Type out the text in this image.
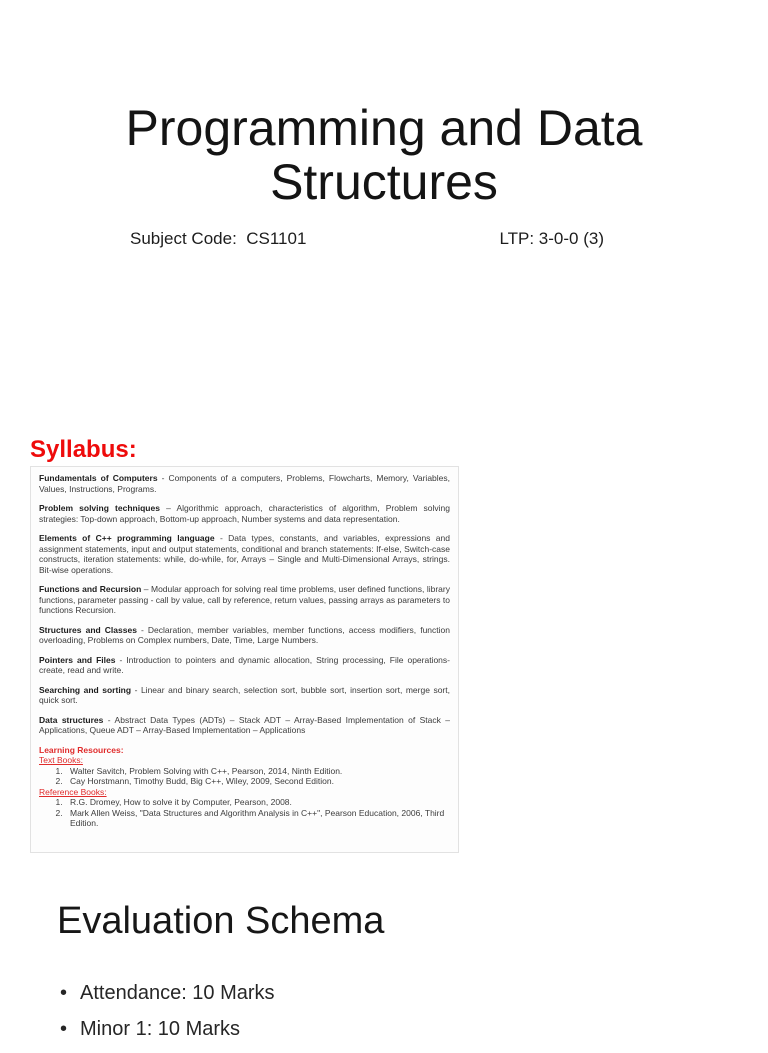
Programming and Data Structures
Subject Code:  CS1101	LTP: 3-0-0 (3)
Syllabus:

Fundamentals of Computers - Components of a computers, Problems, Flowcharts, Memory, Variables, Values, Instructions, Programs.

Problem solving techniques – Algorithmic approach, characteristics of algorithm, Problem solving strategies: Top-down approach, Bottom-up approach, Number systems and data representation.

Elements of C++ programming language - Data types, constants, and variables, expressions and assignment statements, input and output statements, conditional and branch statements: If-else, Switch-case constructs, iteration statements: while, do-while, for, Arrays – Single and Multi-Dimensional Arrays, strings. Bit-wise operations.

Functions and Recursion – Modular approach for solving real time problems, user defined functions, library functions, parameter passing - call by value, call by reference, return values, passing arrays as parameters to functions Recursion.

Structures and Classes - Declaration, member variables, member functions, access modifiers, function overloading, Problems on Complex numbers, Date, Time, Large Numbers.

Pointers and Files - Introduction to pointers and dynamic allocation, String processing, File operations-create, read and write.

Searching and sorting - Linear and binary search, selection sort, bubble sort, insertion sort, merge sort, quick sort.

Data structures - Abstract Data Types (ADTs) – Stack ADT – Array-Based Implementation of Stack – Applications, Queue ADT – Array-Based Implementation – Applications

Learning Resources:

Text Books:

1. Walter Savitch, Problem Solving with C++, Pearson, 2014, Ninth Edition.
2. Cay Horstmann, Timothy Budd, Big C++, Wiley, 2009, Second Edition.

Reference Books:

1. R.G. Dromey, How to solve it by Computer, Pearson, 2008.
2. Mark Allen Weiss, "Data Structures and Algorithm Analysis in C++", Pearson Education, 2006, Third Edition.
Evaluation Schema
• Attendance: 10 Marks
• Minor 1: 10 Marks
